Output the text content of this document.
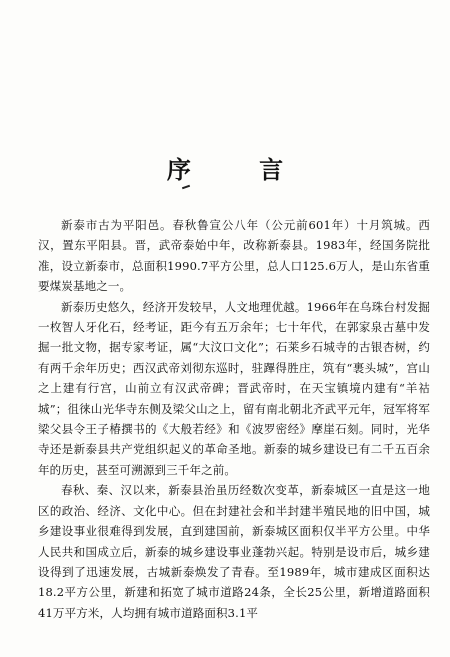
序 言

新泰市古为平阳邑。春秋鲁宣公八年（公元前601年）十月筑城。西汉，置东平阳县。晋，武帝泰始中年，改称新泰县。1983年，经国务院批准，设立新泰市，总面积1990.7平方公里，总人口125.6万人，是山东省重要煤炭基地之一。

新泰历史悠久，经济开发较早，人文地理优越。1966年在乌珠台村发掘一枚智人牙化石，经考证，距今有五万余年；七十年代，在郭家泉古墓中发掘一批文物，据专家考证，属“大汶口文化”；石莱乡石城寺的古银杏树，约有两千余年历史；西汉武帝刘彻东巡时，驻蹕得胜庄，筑有“裹头城”，宫山之上建有行宫，山前立有汉武帝碑；晋武帝时，在天宝镇境内建有“羊祜城”；徂徕山光华寺东侧及梁父山之上，留有南北朝北齐武平元年，冠军将军梁父县令王子椿撰书的《大般若经》和《波罗密经》摩崖石刻。同时，光华寺还是新泰县共产党组织起义的革命圣地。新泰的城乡建设已有二千五百余年的历史，甚至可溯源到三千年之前。

春秋、秦、汉以来，新泰县治虽历经数次变革，新泰城区一直是这一地区的政治、经济、文化中心。但在封建社会和半封建半殖民地的旧中国，城乡建设事业很难得到发展，直到建国前，新泰城区面积仅半平方公里。中华人民共和国成立后，新泰的城乡建设事业蓬勃兴起。特别是设市后，城乡建设得到了迅速发展，古城新泰焕发了青春。至1989年，城市建成区面积达18.2平方公里，新建和拓宽了城市道路24条，全长25公里，新增道路面积41万平方米，人均拥有城市道路面积3.1平
